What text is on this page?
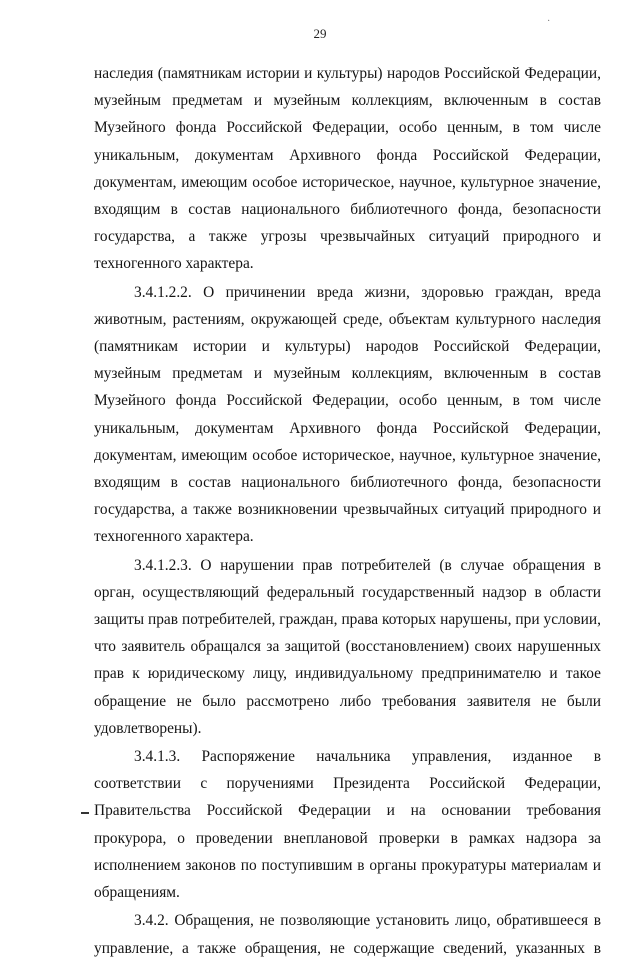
29
·

наследия (памятникам истории и культуры) народов Российской Федерации, музейным предметам и музейным коллекциям, включенным в состав Музейного фонда Российской Федерации, особо ценным, в том числе уникальным, документам Архивного фонда Российской Федерации, документам, имеющим особое историческое, научное, культурное значение, входящим в состав национального библиотечного фонда, безопасности государства, а также угрозы чрезвычайных ситуаций природного и техногенного характера.

3.4.1.2.2. О причинении вреда жизни, здоровью граждан, вреда животным, растениям, окружающей среде, объектам культурного наследия (памятникам истории и культуры) народов Российской Федерации, музейным предметам и музейным коллекциям, включенным в состав Музейного фонда Российской Федерации, особо ценным, в том числе уникальным, документам Архивного фонда Российской Федерации, документам, имеющим особое историческое, научное, культурное значение, входящим в состав национального библиотечного фонда, безопасности государства, а также возникновении чрезвычайных ситуаций природного и техногенного характера.

3.4.1.2.3. О нарушении прав потребителей (в случае обращения в орган, осуществляющий федеральный государственный надзор в области защиты прав потребителей, граждан, права которых нарушены, при условии, что заявитель обращался за защитой (восстановлением) своих нарушенных прав к юридическому лицу, индивидуальному предпринимателю и такое обращение не было рассмотрено либо требования заявителя не были удовлетворены).

3.4.1.3. Распоряжение начальника управления, изданное в соответствии с поручениями Президента Российской Федерации, Правительства Российской Федерации и на основании требования прокурора, о проведении внеплановой проверки в рамках надзора за исполнением законов по поступившим в органы прокуратуры материалам и обращениям.

3.4.2. Обращения, не позволяющие установить лицо, обратившееся в управление, а также обращения, не содержащие сведений, указанных в
